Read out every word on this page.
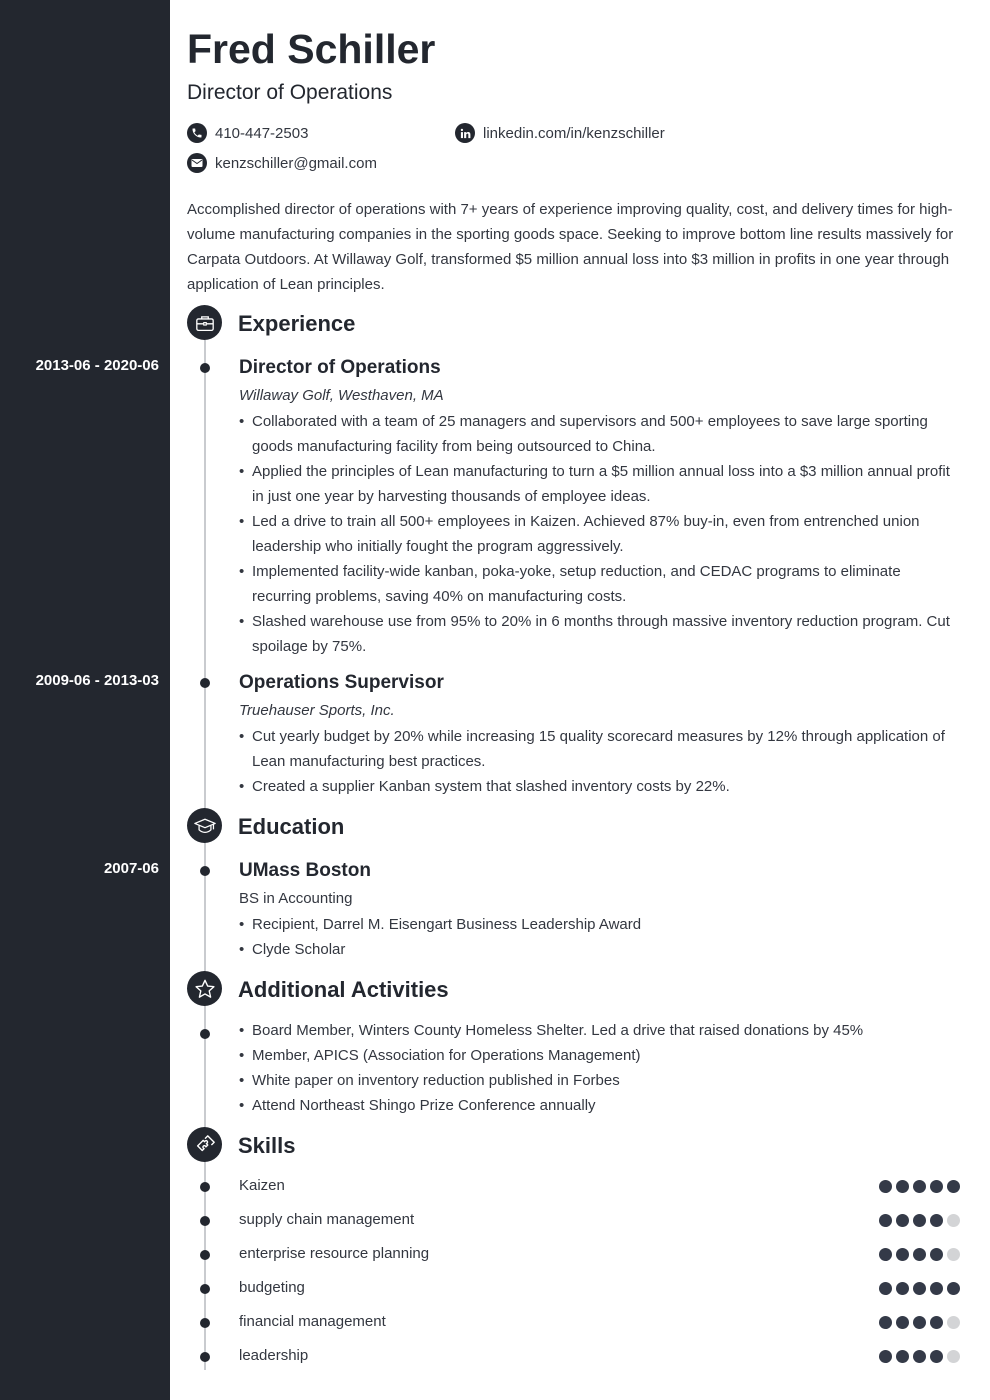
Fred Schiller
Director of Operations
410-447-2503	linkedin.com/in/kenzschiller
kenzschiller@gmail.com
Accomplished director of operations with 7+ years of experience improving quality, cost, and delivery times for high-volume manufacturing companies in the sporting goods space. Seeking to improve bottom line results massively for Carpata Outdoors. At Willaway Golf, transformed $5 million annual loss into $3 million in profits in one year through application of Lean principles.
Experience
2013-06 - 2020-06	Director of Operations
Willaway Golf, Westhaven, MA
• Collaborated with a team of 25 managers and supervisors and 500+ employees to save large sporting goods manufacturing facility from being outsourced to China.
• Applied the principles of Lean manufacturing to turn a $5 million annual loss into a $3 million annual profit in just one year by harvesting thousands of employee ideas.
• Led a drive to train all 500+ employees in Kaizen. Achieved 87% buy-in, even from entrenched union leadership who initially fought the program aggressively.
• Implemented facility-wide kanban, poka-yoke, setup reduction, and CEDAC programs to eliminate recurring problems, saving 40% on manufacturing costs.
• Slashed warehouse use from 95% to 20% in 6 months through massive inventory reduction program. Cut spoilage by 75%.
2009-06 - 2013-03	Operations Supervisor
Truehauser Sports, Inc.
• Cut yearly budget by 20% while increasing 15 quality scorecard measures by 12% through application of Lean manufacturing best practices.
• Created a supplier Kanban system that slashed inventory costs by 22%.
Education
2007-06	UMass Boston
BS in Accounting
• Recipient, Darrel M. Eisengart Business Leadership Award
• Clyde Scholar
Additional Activities
• Board Member, Winters County Homeless Shelter. Led a drive that raised donations by 45%
• Member, APICS (Association for Operations Management)
• White paper on inventory reduction published in Forbes
• Attend Northeast Shingo Prize Conference annually
Skills
Kaizen
supply chain management
enterprise resource planning
budgeting
financial management
leadership
